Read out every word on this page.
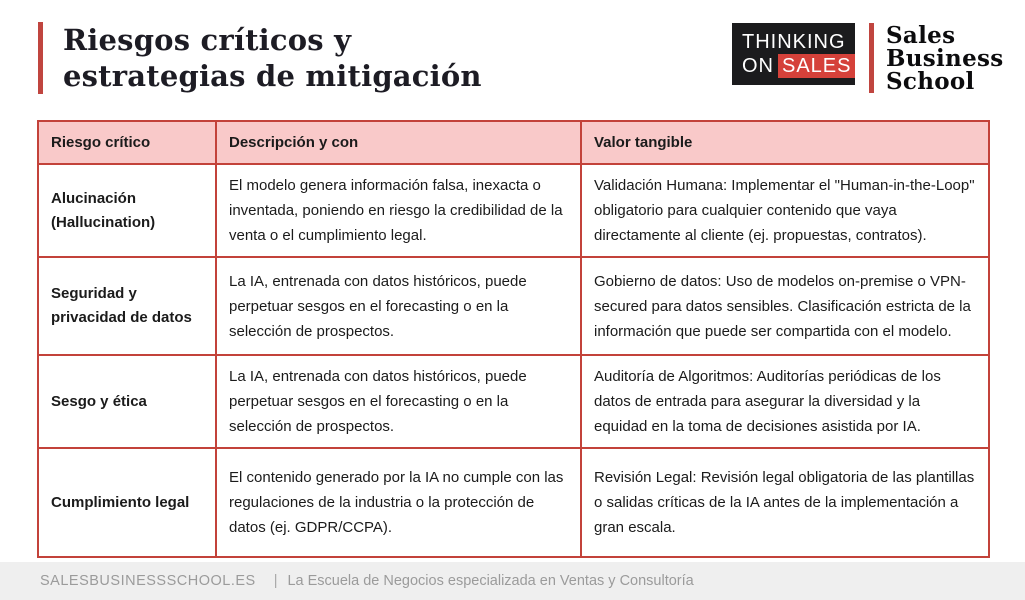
Riesgos críticos y
estrategias de mitigación
THINKING
ON SALES
Sales
Business
School
Riesgo crítico	Descripción y con	Valor tangible
Alucinación (Hallucination)	El modelo genera información falsa, inexacta o inventada, poniendo en riesgo la credibilidad de la venta o el cumplimiento legal.	Validación Humana: Implementar el "Human-in-the-Loop" obligatorio para cualquier contenido que vaya directamente al cliente (ej. propuestas, contratos).
Seguridad y privacidad de datos	La IA, entrenada con datos históricos, puede perpetuar sesgos en el forecasting o en la selección de prospectos.	Gobierno de datos: Uso de modelos on-premise o VPN-secured para datos sensibles. Clasificación estricta de la información que puede ser compartida con el modelo.
Sesgo y ética	La IA, entrenada con datos históricos, puede perpetuar sesgos en el forecasting o en la selección de prospectos.	Auditoría de Algoritmos: Auditorías periódicas de los datos de entrada para asegurar la diversidad y la equidad en la toma de decisiones asistida por IA.
Cumplimiento legal	El contenido generado por la IA no cumple con las regulaciones de la industria o la protección de datos (ej. GDPR/CCPA).	Revisión Legal: Revisión legal obligatoria de las plantillas o salidas críticas de la IA antes de la implementación a gran escala.
SALESBUSINESSSCHOOL.ES | La Escuela de Negocios especializada en Ventas y Consultoría
